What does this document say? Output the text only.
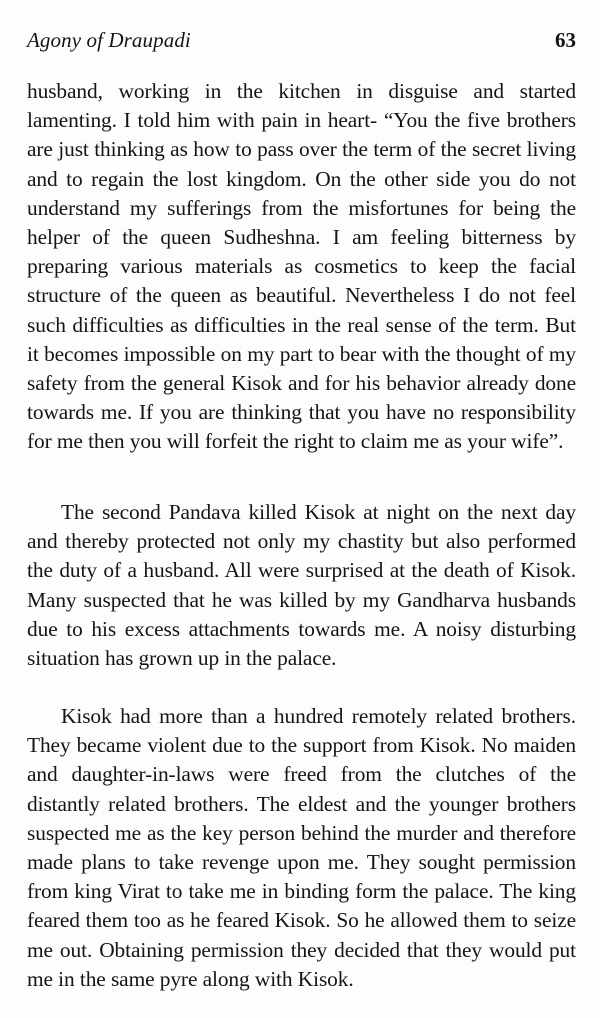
Agony of Draupadi	63

husband, working in the kitchen in disguise and started lamenting. I told him with pain in heart- “You the five brothers are just thinking as how to pass over the term of the secret living and to regain the lost kingdom. On the other side you do not understand my sufferings from the misfortunes for being the helper of the queen Sudheshna. I am feeling bitterness by preparing various materials as cosmetics to keep the facial structure of the queen as beautiful. Nevertheless I do not feel such difficulties as difficulties in the real sense of the term. But it becomes impossible on my part to bear with the thought of my safety from the general Kisok and for his behavior already done towards me. If you are thinking that you have no responsibility for me then you will forfeit the right to claim me as your wife”.

The second Pandava killed Kisok at night on the next day and thereby protected not only my chastity but also performed the duty of a husband. All were surprised at the death of Kisok. Many suspected that he was killed by my Gandharva husbands due to his excess attachments towards me. A noisy disturbing situation has grown up in the palace.

Kisok had more than a hundred remotely related brothers. They became violent due to the support from Kisok. No maiden and daughter-in-laws were freed from the clutches of the distantly related brothers. The eldest and the younger brothers suspected me as the key person behind the murder and therefore made plans to take revenge upon me. They sought permission from king Virat to take me in binding form the palace. The king feared them too as he feared Kisok. So he allowed them to seize me out. Obtaining permission they decided that they would put me in the same pyre along with Kisok.
